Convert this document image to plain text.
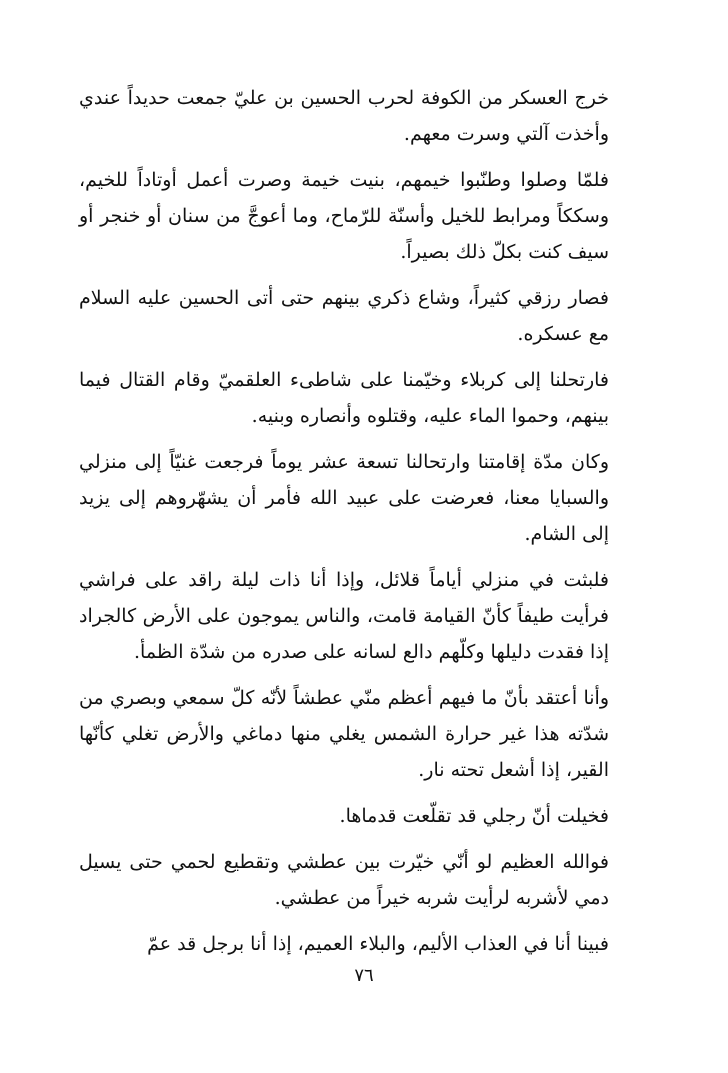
خرج العسكر من الكوفة لحرب الحسين بن عليّ جمعت حديداً عندي وأخذت آلتي وسرت معهم.

فلمّا وصلوا وطنّبوا خيمهم، بنيت خيمة وصرت أعمل أوتاداً للخيم، وسككاً ومرابط للخيل وأسنّة للرّماح، وما أعوجَّ من سنان أو خنجر أو سيف كنت بكلّ ذلك بصيراً.

فصار رزقي كثيراً، وشاع ذكري بينهم حتى أتى الحسين عليه السلام مع عسكره.

فارتحلنا إلى كربلاء وخيّمنا على شاطىء العلقميّ وقام القتال فيما بينهم، وحموا الماء عليه، وقتلوه وأنصاره وبنيه.

وكان مدّة إقامتنا وارتحالنا تسعة عشر يوماً فرجعت غنيّاً إلى منزلي والسبايا معنا، فعرضت على عبيد الله فأمر أن يشهّروهم إلى يزيد إلى الشام.

فلبثت في منزلي أياماً قلائل، وإذا أنا ذات ليلة راقد على فراشي فرأيت طيفاً كأنّ القيامة قامت، والناس يموجون على الأرض كالجراد إذا فقدت دليلها وكلّهم دالع لسانه على صدره من شدّة الظمأ.

وأنا أعتقد بأنّ ما فيهم أعظم منّي عطشاً لأنّه كلّ سمعي وبصري من شدّته هذا غير حرارة الشمس يغلي منها دماغي والأرض تغلي كأنّها القير، إذا أشعل تحته نار.

فخيلت أنّ رجلي قد تقلّعت قدماها.

فوالله العظيم لو أنّي خيّرت بين عطشي وتقطيع لحمي حتى يسيل دمي لأشربه لرأيت شربه خيراً من عطشي.

فبينا أنا في العذاب الأليم، والبلاء العميم، إذا أنا برجل قد عمّ

٧٦
